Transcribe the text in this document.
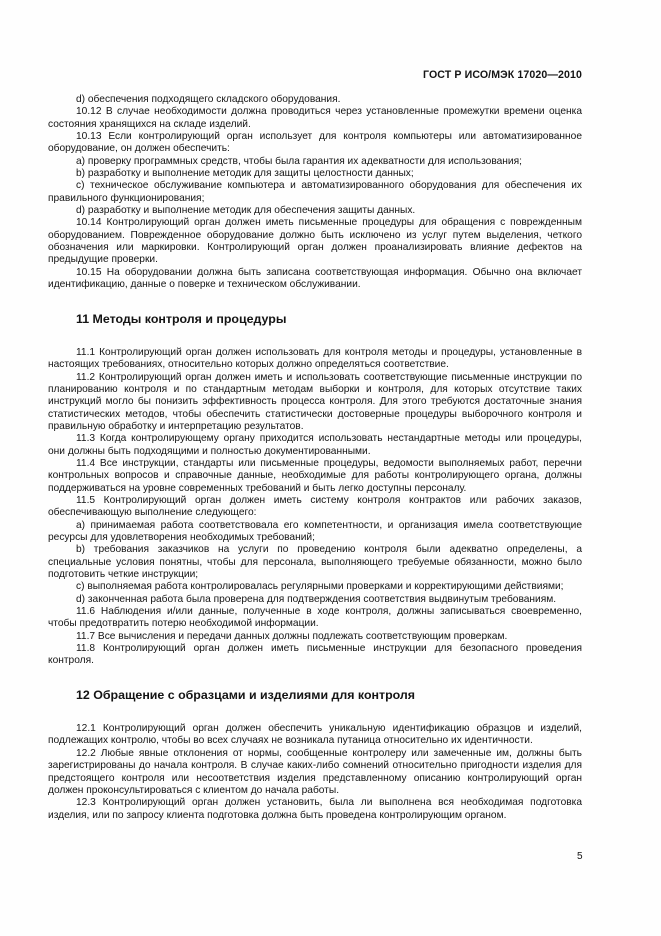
ГОСТ Р ИСО/МЭК 17020—2010

d) обеспечения подходящего складского оборудования.

10.12 В случае необходимости должна проводиться через установленные промежутки времени оценка состояния хранящихся на складе изделий.

10.13 Если контролирующий орган использует для контроля компьютеры или автоматизированное оборудование, он должен обеспечить:

a) проверку программных средств, чтобы была гарантия их адекватности для использования;

b) разработку и выполнение методик для защиты целостности данных;

c) техническое обслуживание компьютера и автоматизированного оборудования для обеспечения их правильного функционирования;

d) разработку и выполнение методик для обеспечения защиты данных.

10.14 Контролирующий орган должен иметь письменные процедуры для обращения с поврежденным оборудованием. Поврежденное оборудование должно быть исключено из услуг путем выделения, четкого обозначения или маркировки. Контролирующий орган должен проанализировать влияние дефектов на предыдущие проверки.

10.15 На оборудовании должна быть записана соответствующая информация. Обычно она включает идентификацию, данные о поверке и техническом обслуживании.

11 Методы контроля и процедуры

11.1 Контролирующий орган должен использовать для контроля методы и процедуры, установленные в настоящих требованиях, относительно которых должно определяться соответствие.

11.2 Контролирующий орган должен иметь и использовать соответствующие письменные инструкции по планированию контроля и по стандартным методам выборки и контроля, для которых отсутствие таких инструкций могло бы понизить эффективность процесса контроля. Для этого требуются достаточные знания статистических методов, чтобы обеспечить статистически достоверные процедуры выборочного контроля и правильную обработку и интерпретацию результатов.

11.3 Когда контролирующему органу приходится использовать нестандартные методы или процедуры, они должны быть подходящими и полностью документированными.

11.4 Все инструкции, стандарты или письменные процедуры, ведомости выполняемых работ, перечни контрольных вопросов и справочные данные, необходимые для работы контролирующего органа, должны поддерживаться на уровне современных требований и быть легко доступны персоналу.

11.5 Контролирующий орган должен иметь систему контроля контрактов или рабочих заказов, обеспечивающую выполнение следующего:

a) принимаемая работа соответствовала его компетентности, и организация имела соответствующие ресурсы для удовлетворения необходимых требований;

b) требования заказчиков на услуги по проведению контроля были адекватно определены, а специальные условия понятны, чтобы для персонала, выполняющего требуемые обязанности, можно было подготовить четкие инструкции;

c) выполняемая работа контролировалась регулярными проверками и корректирующими действиями;

d) законченная работа была проверена для подтверждения соответствия выдвинутым требованиям.

11.6 Наблюдения и/или данные, полученные в ходе контроля, должны записываться своевременно, чтобы предотвратить потерю необходимой информации.

11.7 Все вычисления и передачи данных должны подлежать соответствующим проверкам.

11.8 Контролирующий орган должен иметь письменные инструкции для безопасного проведения контроля.

12 Обращение с образцами и изделиями для контроля

12.1 Контролирующий орган должен обеспечить уникальную идентификацию образцов и изделий, подлежащих контролю, чтобы во всех случаях не возникала путаница относительно их идентичности.

12.2 Любые явные отклонения от нормы, сообщенные контролеру или замеченные им, должны быть зарегистрированы до начала контроля. В случае каких-либо сомнений относительно пригодности изделия для предстоящего контроля или несоответствия изделия представленному описанию контролирующий орган должен проконсультироваться с клиентом до начала работы.

12.3 Контролирующий орган должен установить, была ли выполнена вся необходимая подготовка изделия, или по запросу клиента подготовка должна быть проведена контролирующим органом.

5
